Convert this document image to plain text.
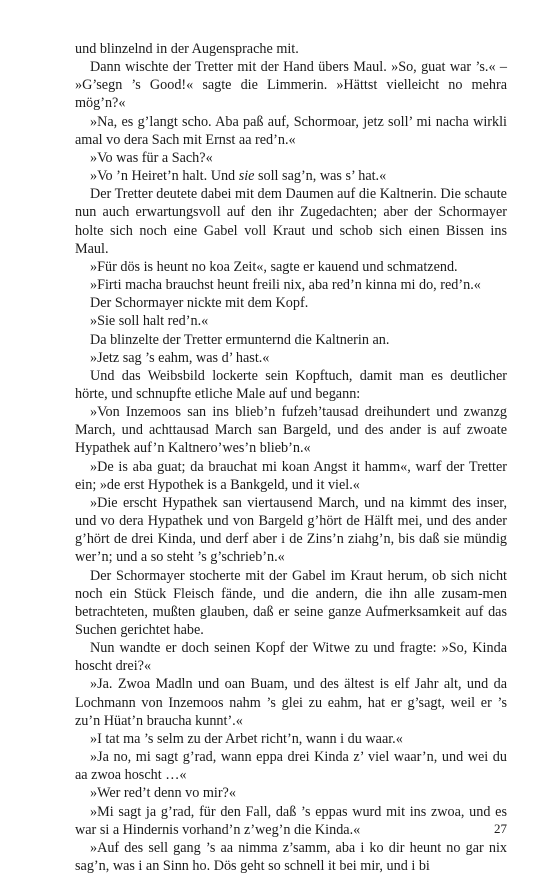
und blinzelnd in der Augensprache mit.

Dann wischte der Tretter mit der Hand übers Maul. »So, guat war ’s.« – »G’segn ’s Good!« sagte die Limmerin. »Hättst vielleicht no mehra mög’n?«

»Na, es g’langt scho. Aba paß auf, Schormoar, jetz soll’ mi nacha wirkli amal vo dera Sach mit Ernst aa red’n.«

»Vo was für a Sach?«

»Vo ’n Heiret’n halt. Und sie soll sag’n, was s’ hat.«

Der Tretter deutete dabei mit dem Daumen auf die Kaltnerin. Die schaute nun auch erwartungsvoll auf den ihr Zugedachten; aber der Schormayer holte sich noch eine Gabel voll Kraut und schob sich einen Bissen ins Maul.

»Für dös is heunt no koa Zeit«, sagte er kauend und schmatzend.

»Firti macha brauchst heunt freili nix, aba red’n kinna mi do, red’n.«

Der Schormayer nickte mit dem Kopf.

»Sie soll halt red’n.«

Da blinzelte der Tretter ermunternd die Kaltnerin an.

»Jetz sag ’s eahm, was d’ hast.«

Und das Weibsbild lockerte sein Kopftuch, damit man es deutlicher hörte, und schnupfte etliche Male auf und begann:

»Von Inzemoos san ins blieb’n fufzeh’tausad dreihundert und zwanzg March, und achttausad March san Bargeld, und des ander is auf zwoate Hypathek auf’n Kaltnero’wes’n blieb’n.«

»De is aba guat; da brauchat mi koan Angst it hamm«, warf der Tretter ein; »de erst Hypothek is a Bankgeld, und it viel.«

»Die erscht Hypathek san viertausend March, und na kimmt des inser, und vo dera Hypathek und von Bargeld g’hört de Hälft mei, und des ander g’hört de drei Kinda, und derf aber i de Zins’n ziahg’n, bis daß sie mündig wer’n; und a so steht ’s g’schrieb’n.«

Der Schormayer stocherte mit der Gabel im Kraut herum, ob sich nicht noch ein Stück Fleisch fände, und die andern, die ihn alle zusam-men betrachteten, mußten glauben, daß er seine ganze Aufmerksamkeit auf das Suchen gerichtet habe.

Nun wandte er doch seinen Kopf der Witwe zu und fragte: »So, Kinda hoscht drei?«

»Ja. Zwoa Madln und oan Buam, und des ältest is elf Jahr alt, und da Lochmann von Inzemoos nahm ’s glei zu eahm, hat er g’sagt, weil er ’s zu’n Hüat’n braucha kunnt’.«

»I tat ma ’s selm zu der Arbet richt’n, wann i du waar.«

»Ja no, mi sagt g’rad, wann eppa drei Kinda z’ viel waar’n, und wei du aa zwoa hoscht …«

»Wer red’t denn vo mir?«

»Mi sagt ja g’rad, für den Fall, daß ’s eppas wurd mit ins zwoa, und es war si a Hindernis vorhand’n z’weg’n die Kinda.«

»Auf des sell gang ’s aa nimma z’samm, aba i ko dir heunt no gar nix sag’n, was i an Sinn ho. Dös geht so schnell it bei mir, und i bi

27
